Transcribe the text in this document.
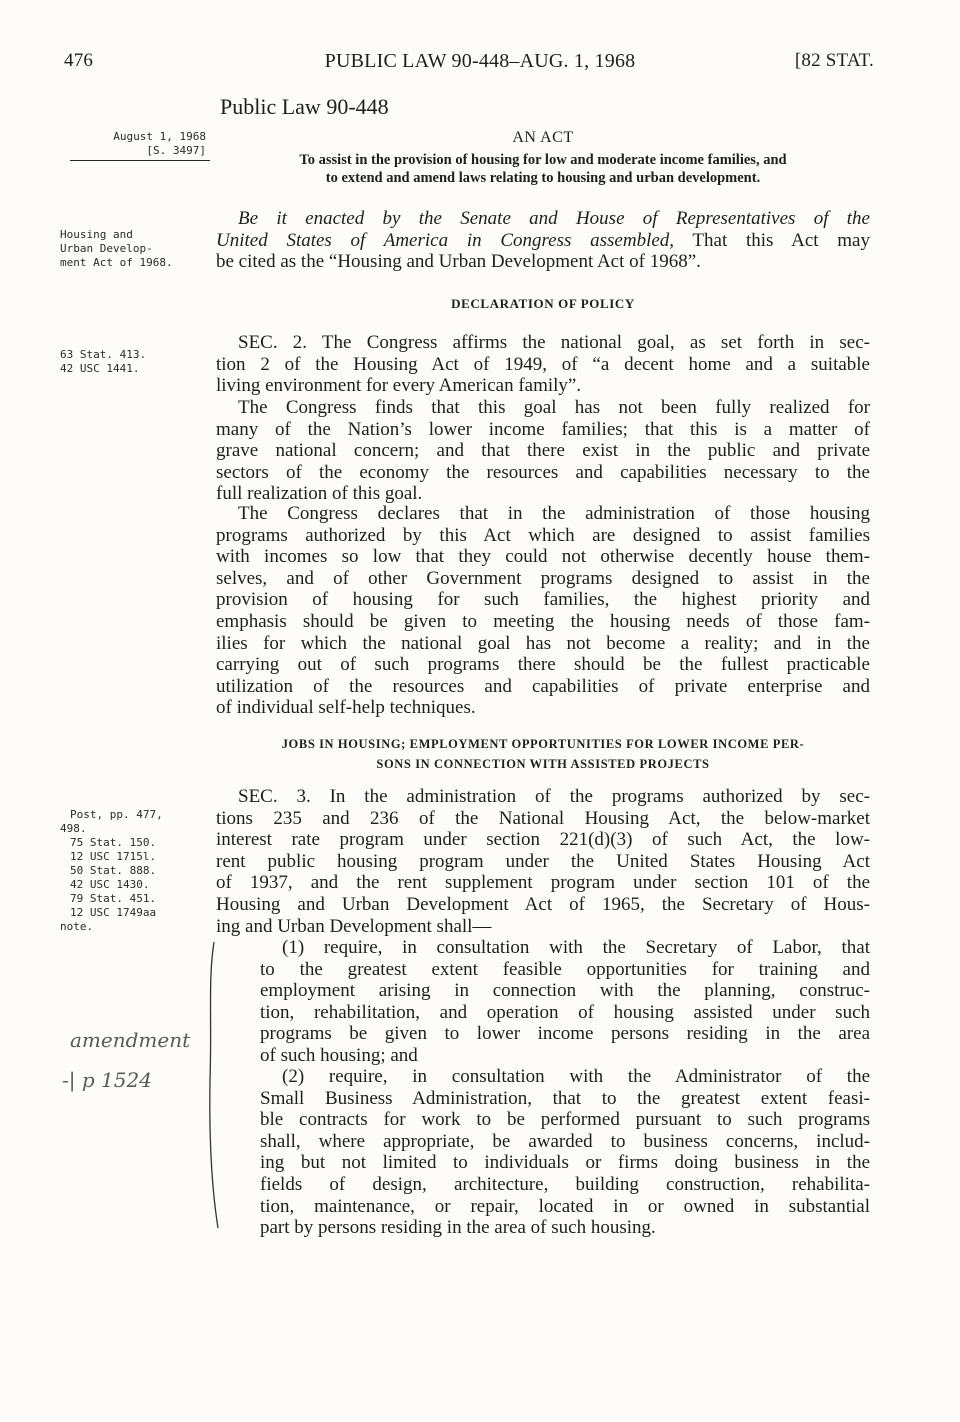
476	PUBLIC LAW 90-448–AUG. 1, 1968	[82 STAT.
August 1, 1968
[S. 3497]
Housing and
Urban Develop-
ment Act of 1968.
63 Stat. 413.
42 USC 1441.
Post, pp. 477,
498.
75 Stat. 150.
12 USC 1715l.
50 Stat. 888.
42 USC 1430.
79 Stat. 451.
12 USC 1749aa
note.
amendment
-| p 1524
Public Law 90-448
AN ACT
To assist in the provision of housing for low and moderate income families, and
to extend and amend laws relating to housing and urban development.
Be it enacted by the Senate and House of Representatives of the
United States of America in Congress assembled, That this Act may
be cited as the “Housing and Urban Development Act of 1968”.
DECLARATION OF POLICY
SEC. 2. The Congress affirms the national goal, as set forth in sec-
tion 2 of the Housing Act of 1949, of “a decent home and a suitable
living environment for every American family”.
The Congress finds that this goal has not been fully realized for
many of the Nation’s lower income families; that this is a matter of
grave national concern; and that there exist in the public and private
sectors of the economy the resources and capabilities necessary to the
full realization of this goal.
The Congress declares that in the administration of those housing
programs authorized by this Act which are designed to assist families
with incomes so low that they could not otherwise decently house them-
selves, and of other Government programs designed to assist in the
provision of housing for such families, the highest priority and
emphasis should be given to meeting the housing needs of those fam-
ilies for which the national goal has not become a reality; and in the
carrying out of such programs there should be the fullest practicable
utilization of the resources and capabilities of private enterprise and
of individual self-help techniques.
JOBS IN HOUSING; EMPLOYMENT OPPORTUNITIES FOR LOWER INCOME PER-
SONS IN CONNECTION WITH ASSISTED PROJECTS
SEC. 3. In the administration of the programs authorized by sec-
tions 235 and 236 of the National Housing Act, the below-market
interest rate program under section 221(d)(3) of such Act, the low-
rent public housing program under the United States Housing Act
of 1937, and the rent supplement program under section 101 of the
Housing and Urban Development Act of 1965, the Secretary of Hous-
ing and Urban Development shall—
(1) require, in consultation with the Secretary of Labor, that
to the greatest extent feasible opportunities for training and
employment arising in connection with the planning, construc-
tion, rehabilitation, and operation of housing assisted under such
programs be given to lower income persons residing in the area
of such housing; and
(2) require, in consultation with the Administrator of the
Small Business Administration, that to the greatest extent feasi-
ble contracts for work to be performed pursuant to such programs
shall, where appropriate, be awarded to business concerns, includ-
ing but not limited to individuals or firms doing business in the
fields of design, architecture, building construction, rehabilita-
tion, maintenance, or repair, located in or owned in substantial
part by persons residing in the area of such housing.
